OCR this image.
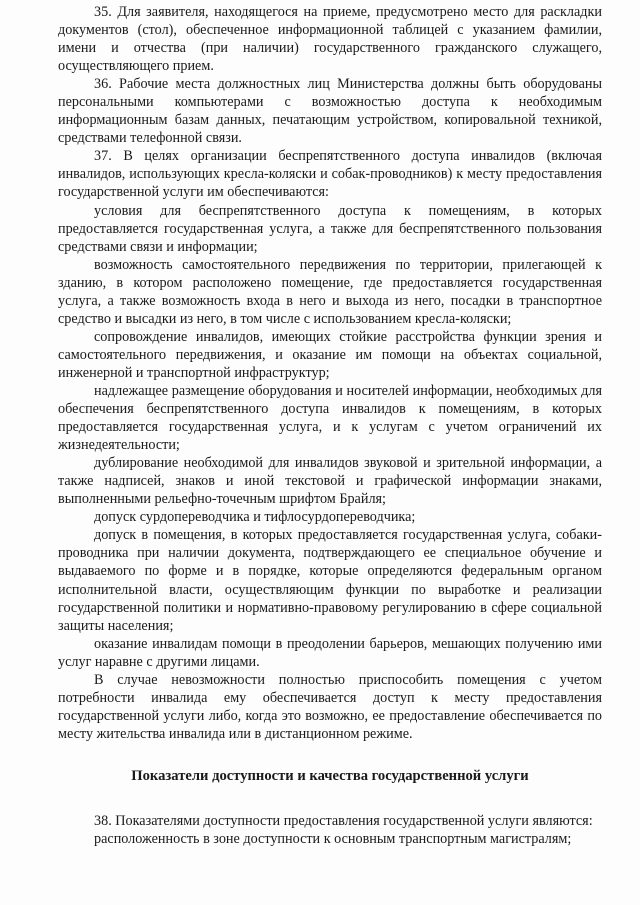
35. Для заявителя, находящегося на приеме, предусмотрено место для раскладки документов (стол), обеспеченное информационной таблицей с указанием фамилии, имени и отчества (при наличии) государственного гражданского служащего, осуществляющего прием.

36. Рабочие места должностных лиц Министерства должны быть оборудованы персональными компьютерами с возможностью доступа к необходимым информационным базам данных, печатающим устройством, копировальной техникой, средствами телефонной связи.

37. В целях организации беспрепятственного доступа инвалидов (включая инвалидов, использующих кресла-коляски и собак-проводников) к месту предоставления государственной услуги им обеспечиваются:

условия для беспрепятственного доступа к помещениям, в которых предоставляется государственная услуга, а также для беспрепятственного пользования средствами связи и информации;

возможность самостоятельного передвижения по территории, прилегающей к зданию, в котором расположено помещение, где предоставляется государственная услуга, а также возможность входа в него и выхода из него, посадки в транспортное средство и высадки из него, в том числе с использованием кресла-коляски;

сопровождение инвалидов, имеющих стойкие расстройства функции зрения и самостоятельного передвижения, и оказание им помощи на объектах социальной, инженерной и транспортной инфраструктур;

надлежащее размещение оборудования и носителей информации, необходимых для обеспечения беспрепятственного доступа инвалидов к помещениям, в которых предоставляется государственная услуга, и к услугам с учетом ограничений их жизнедеятельности;

дублирование необходимой для инвалидов звуковой и зрительной информации, а также надписей, знаков и иной текстовой и графической информации знаками, выполненными рельефно-точечным шрифтом Брайля;

допуск сурдопереводчика и тифлосурдопереводчика;

допуск в помещения, в которых предоставляется государственная услуга, собаки-проводника при наличии документа, подтверждающего ее специальное обучение и выдаваемого по форме и в порядке, которые определяются федеральным органом исполнительной власти, осуществляющим функции по выработке и реализации государственной политики и нормативно-правовому регулированию в сфере социальной защиты населения;

оказание инвалидам помощи в преодолении барьеров, мешающих получению ими услуг наравне с другими лицами.

В случае невозможности полностью приспособить помещения с учетом потребности инвалида ему обеспечивается доступ к месту предоставления государственной услуги либо, когда это возможно, ее предоставление обеспечивается по месту жительства инвалида или в дистанционном режиме.

Показатели доступности и качества государственной услуги

38. Показателями доступности предоставления государственной услуги являются:

расположенность в зоне доступности к основным транспортным магистралям;
